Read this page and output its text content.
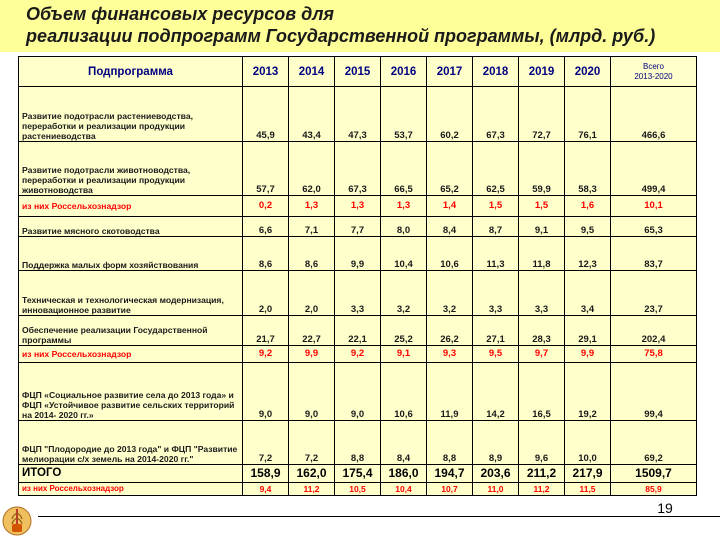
Объем финансовых ресурсов для
реализации подпрограмм Государственной программы, (млрд. руб.)
Подпрограмма	2013	2014	2015	2016	2017	2018	2019	2020	Всего
2013-2020

Развитие подотрасли растениеводства, переработки и реализации продукции растениеводства	45,9	43,4	47,3	53,7	60,2	67,3	72,7	76,1	466,6
Развитие подотрасли животноводства, переработки и реализации продукции животноводства	57,7	62,0	67,3	66,5	65,2	62,5	59,9	58,3	499,4
из них Россельхознадзор	0,2	1,3	1,3	1,3	1,4	1,5	1,5	1,6	10,1
Развитие мясного скотоводства	6,6	7,1	7,7	8,0	8,4	8,7	9,1	9,5	65,3
Поддержка малых форм хозяйствования	8,6	8,6	9,9	10,4	10,6	11,3	11,8	12,3	83,7
Техническая и технологическая модернизация, инновационное развитие	2,0	2,0	3,3	3,2	3,2	3,3	3,3	3,4	23,7
Обеспечение реализации Государственной программы	21,7	22,7	22,1	25,2	26,2	27,1	28,3	29,1	202,4
из них Россельхознадзор	9,2	9,9	9,2	9,1	9,3	9,5	9,7	9,9	75,8
ФЦП «Социальное развитие села до 2013 года» и ФЦП «Устойчивое развитие сельских территорий на 2014- 2020 гг.»	9,0	9,0	9,0	10,6	11,9	14,2	16,5	19,2	99,4
ФЦП "Плодородие до 2013 года" и ФЦП "Развитие мелиорации с/х земель на 2014-2020 гг."	7,2	7,2	8,8	8,4	8,8	8,9	9,6	10,0	69,2
ИТОГО	158,9	162,0	175,4	186,0	194,7	203,6	211,2	217,9	1509,7
из них Россельхознадзор	9,4	11,2	10,5	10,4	10,7	11,0	11,2	11,5	85,9
19
